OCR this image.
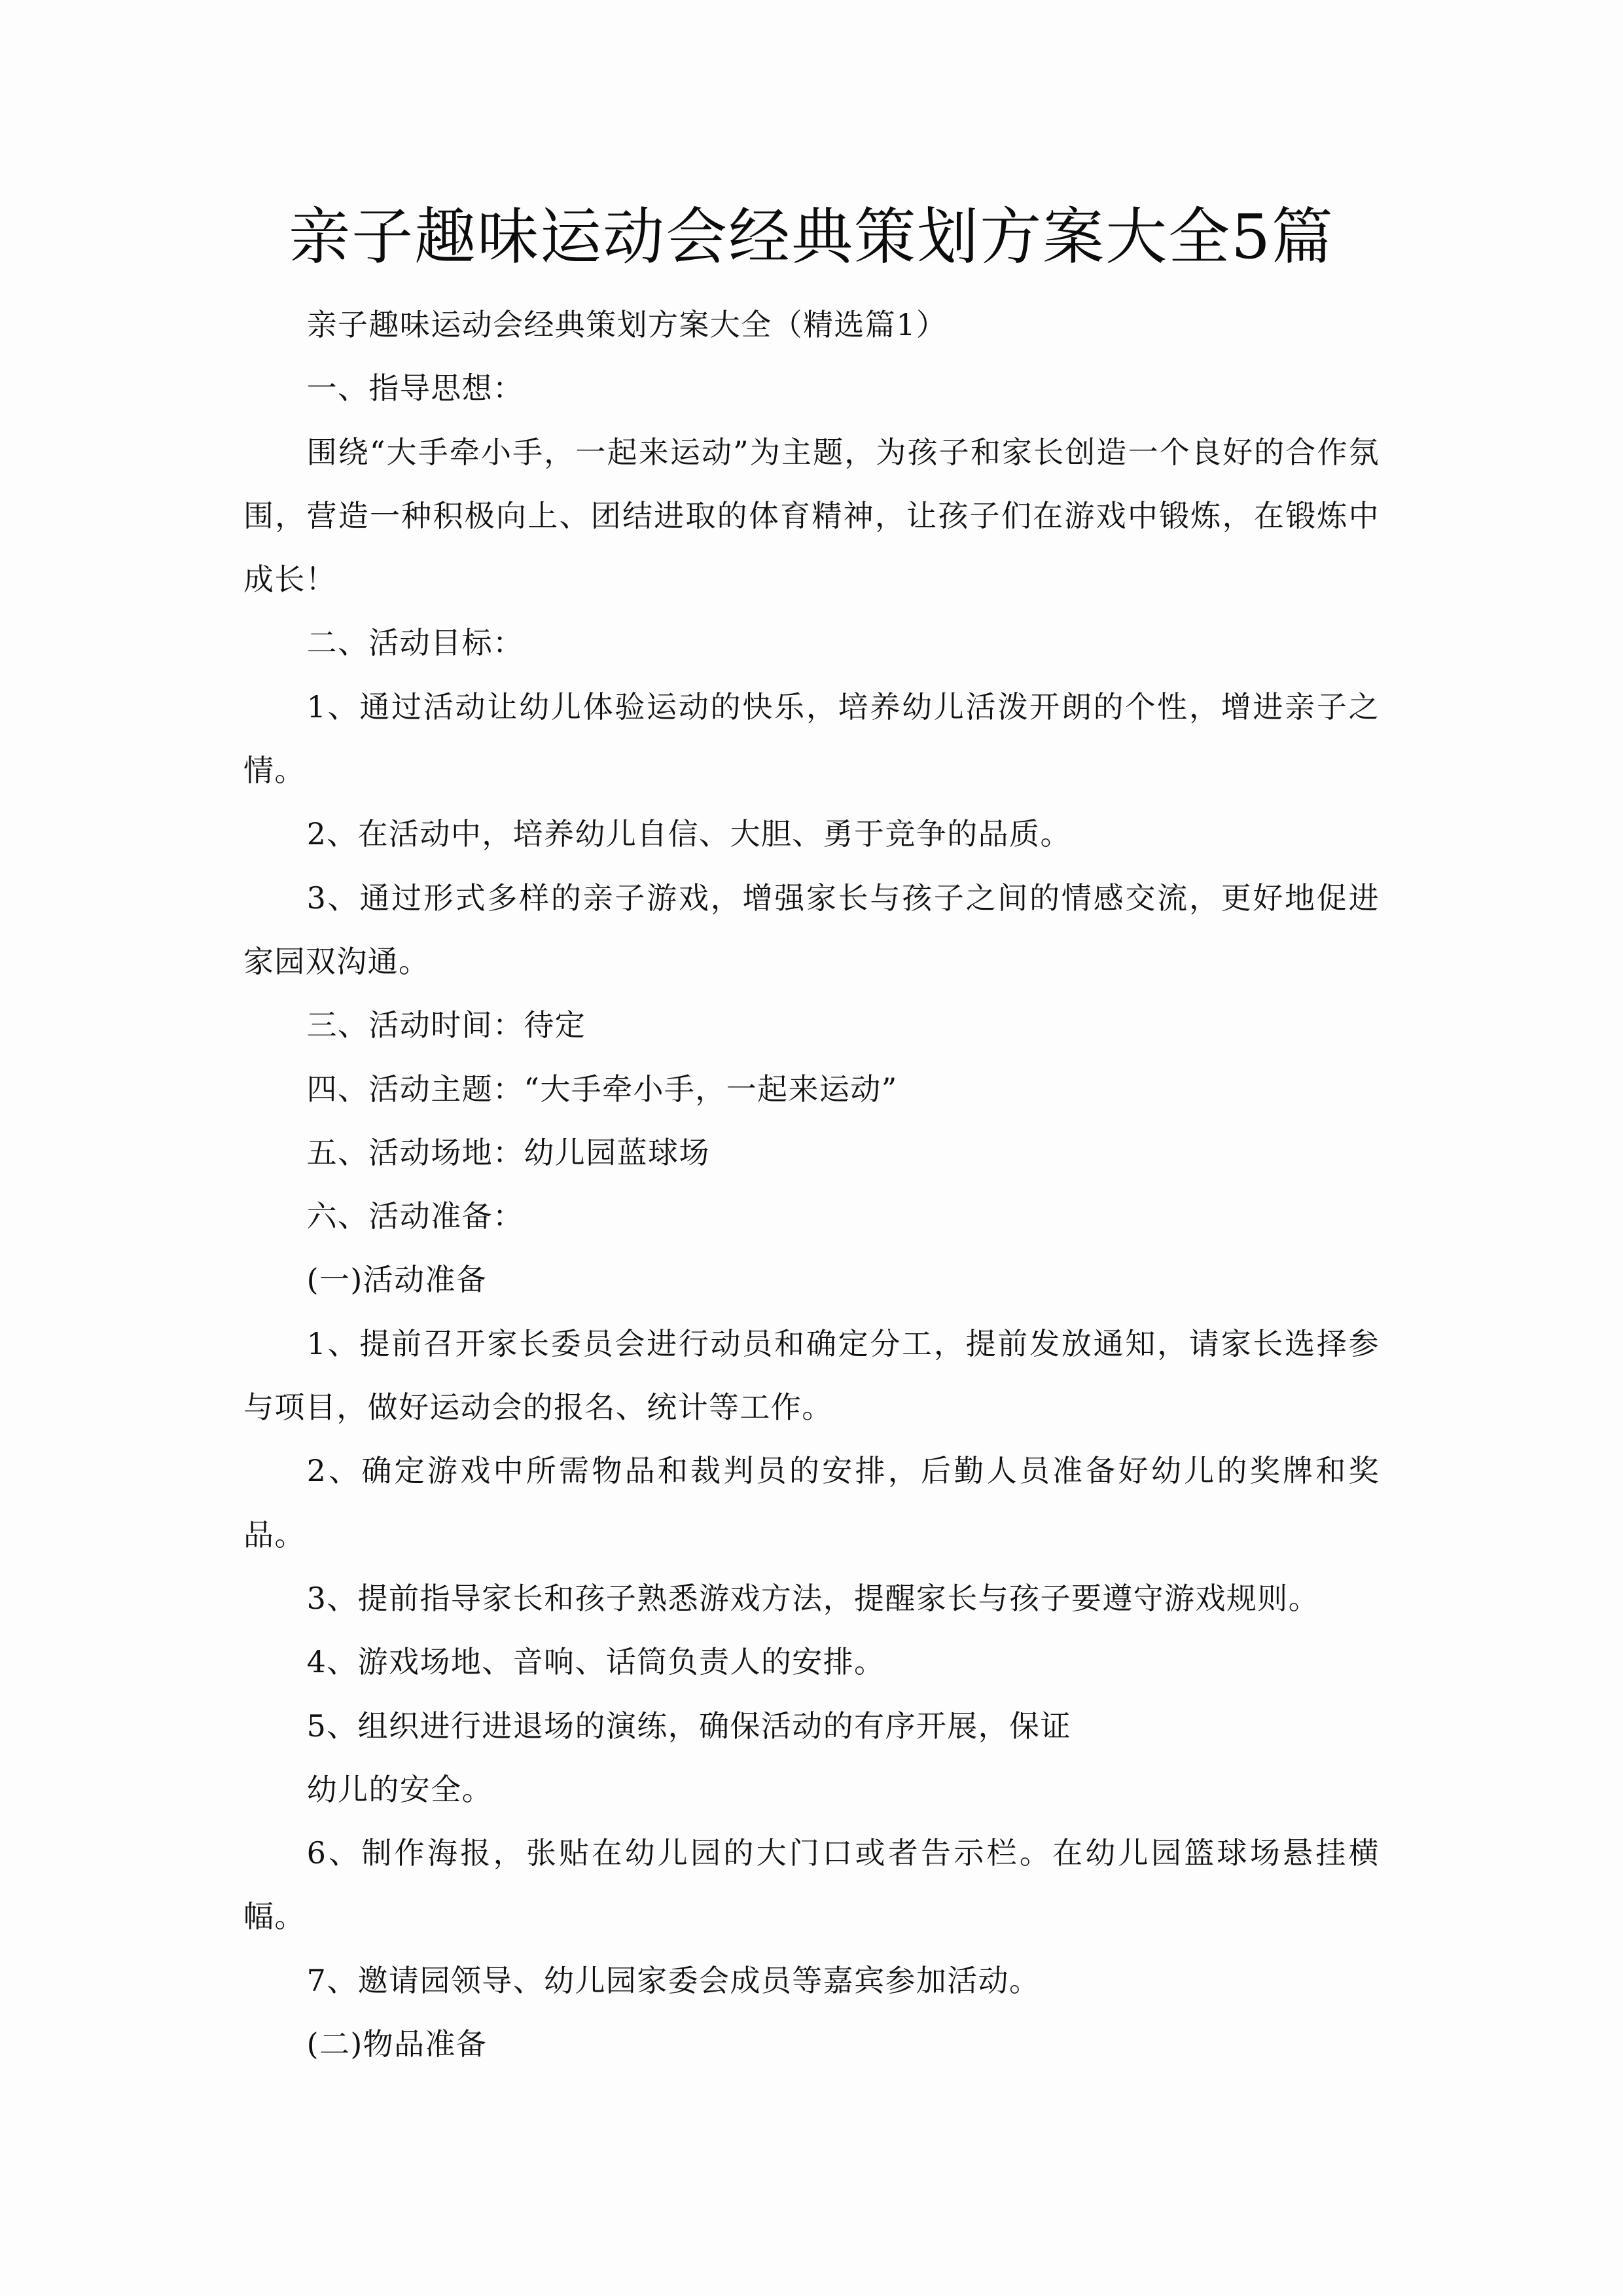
亲子趣味运动会经典策划方案大全5篇

亲子趣味运动会经典策划方案大全（精选篇1）

一、指导思想：

围绕“大手牵小手，一起来运动”为主题，为孩子和家长创造一个良好的合作氛围，营造一种积极向上、团结进取的体育精神，让孩子们在游戏中锻炼，在锻炼中成长！

二、活动目标：

1、通过活动让幼儿体验运动的快乐，培养幼儿活泼开朗的个性，增进亲子之情。

2、在活动中，培养幼儿自信、大胆、勇于竞争的品质。

3、通过形式多样的亲子游戏，增强家长与孩子之间的情感交流，更好地促进家园双沟通。

三、活动时间：待定

四、活动主题：“大手牵小手，一起来运动”

五、活动场地：幼儿园蓝球场

六、活动准备：

(一)活动准备

1、提前召开家长委员会进行动员和确定分工，提前发放通知，请家长选择参与项目，做好运动会的报名、统计等工作。

2、确定游戏中所需物品和裁判员的安排，后勤人员准备好幼儿的奖牌和奖品。

3、提前指导家长和孩子熟悉游戏方法，提醒家长与孩子要遵守游戏规则。

4、游戏场地、音响、话筒负责人的安排。

5、组织进行进退场的演练，确保活动的有序开展，保证

幼儿的安全。

6、制作海报，张贴在幼儿园的大门口或者告示栏。在幼儿园篮球场悬挂横幅。

7、邀请园领导、幼儿园家委会成员等嘉宾参加活动。

(二)物品准备
